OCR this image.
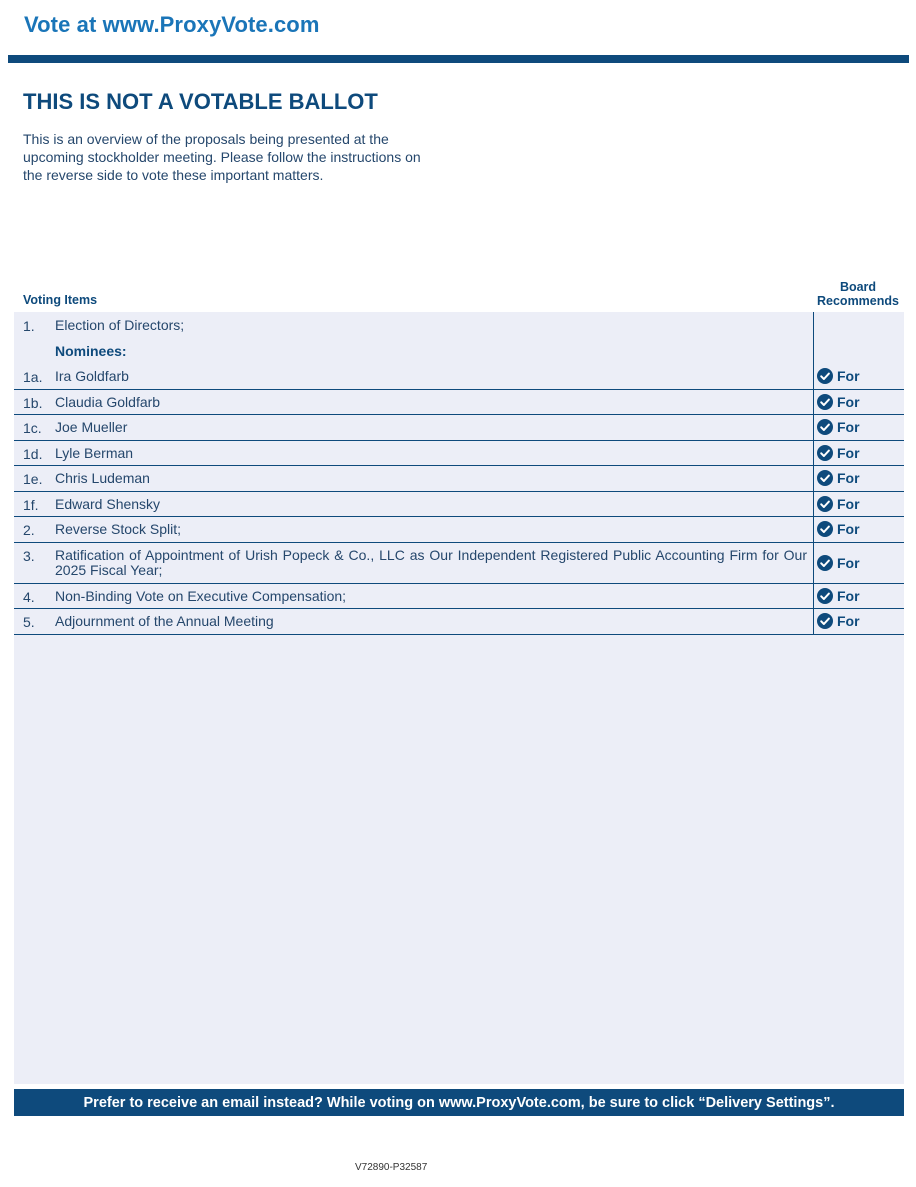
Vote at www.ProxyVote.com
THIS IS NOT A VOTABLE BALLOT
This is an overview of the proposals being presented at the
upcoming stockholder meeting. Please follow the instructions on
the reverse side to vote these important matters.
Voting Items
Board
Recommends
1. Election of Directors;
Nominees:
1a. Ira Goldfarb	For
1b. Claudia Goldfarb	For
1c. Joe Mueller	For
1d. Lyle Berman	For
1e. Chris Ludeman	For
1f. Edward Shensky	For
2. Reverse Stock Split;	For
3. Ratification of Appointment of Urish Popeck & Co., LLC as Our Independent Registered Public Accounting Firm for Our 2025 Fiscal Year;	For
4. Non-Binding Vote on Executive Compensation;	For
5. Adjournment of the Annual Meeting	For
Prefer to receive an email instead? While voting on www.ProxyVote.com, be sure to click “Delivery Settings”.
V72890-P32587
